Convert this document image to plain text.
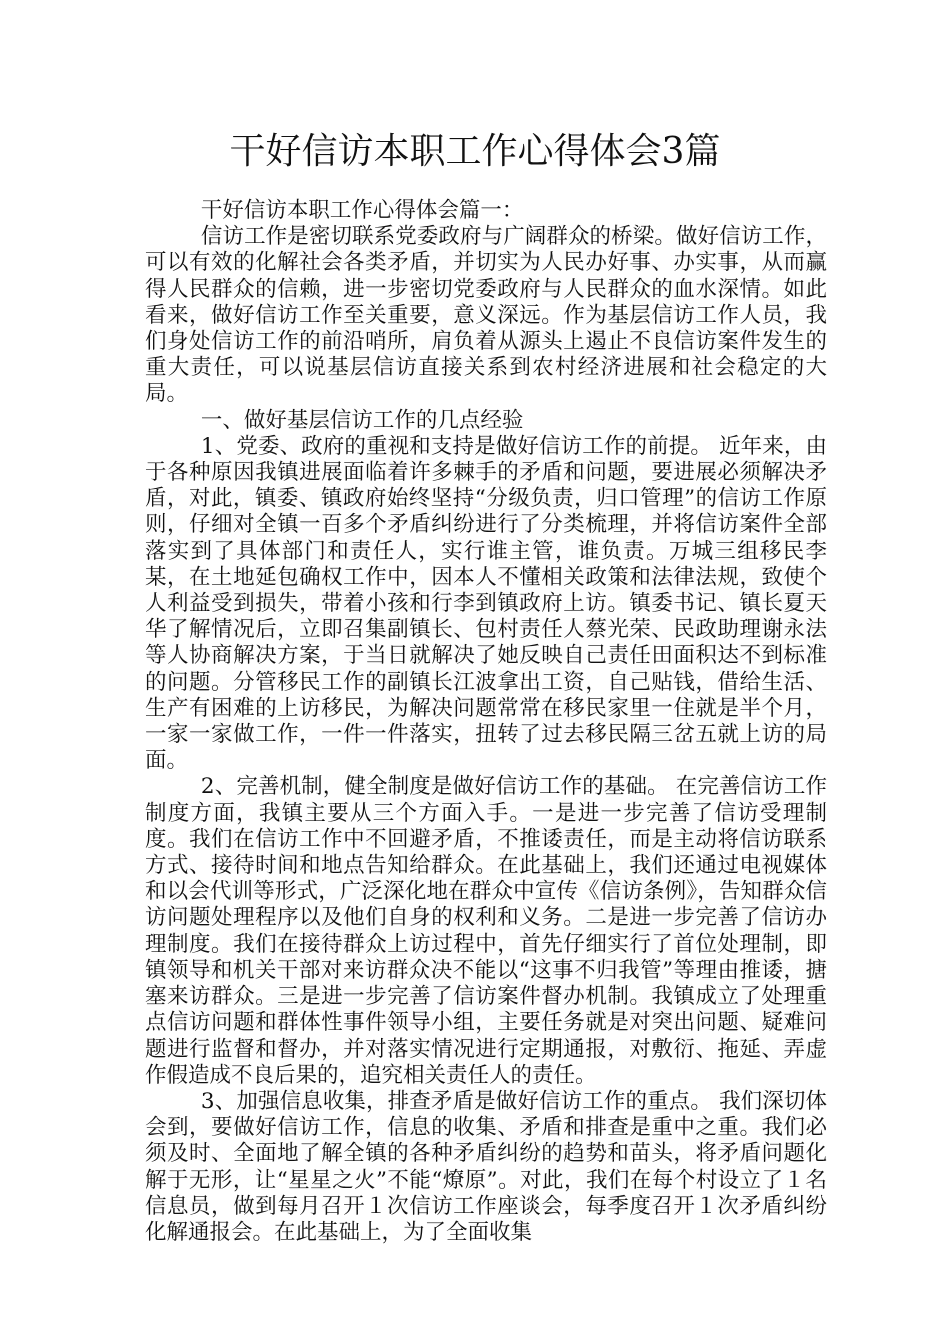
干好信访本职工作心得体会3篇

干好信访本职工作心得体会篇一：

信访工作是密切联系党委政府与广阔群众的桥梁。做好信访工作，可以有效的化解社会各类矛盾，并切实为人民办好事、办实事，从而赢得人民群众的信赖，进一步密切党委政府与人民群众的血水深情。如此看来，做好信访工作至关重要，意义深远。作为基层信访工作人员，我们身处信访工作的前沿哨所，肩负着从源头上遏止不良信访案件发生的重大责任，可以说基层信访直接关系到农村经济进展和社会稳定的大局。

一、做好基层信访工作的几点经验

1、党委、政府的重视和支持是做好信访工作的前提。 近年来，由于各种原因我镇进展面临着许多棘手的矛盾和问题，要进展必须解决矛盾，对此，镇委、镇政府始终坚持“分级负责，归口管理”的信访工作原则，仔细对全镇一百多个矛盾纠纷进行了分类梳理，并将信访案件全部落实到了具体部门和责任人，实行谁主管，谁负责。万城三组移民李某，在土地延包确权工作中，因本人不懂相关政策和法律法规，致使个人利益受到损失，带着小孩和行李到镇政府上访。镇委书记、镇长夏天华了解情况后，立即召集副镇长、包村责任人蔡光荣、民政助理谢永法等人协商解决方案，于当日就解决了她反映自己责任田面积达不到标准的问题。分管移民工作的副镇长江波拿出工资，自己贴钱，借给生活、生产有困难的上访移民，为解决问题常常在移民家里一住就是半个月，一家一家做工作，一件一件落实，扭转了过去移民隔三岔五就上访的局面。

2、完善机制，健全制度是做好信访工作的基础。 在完善信访工作制度方面，我镇主要从三个方面入手。一是进一步完善了信访受理制度。我们在信访工作中不回避矛盾，不推诿责任，而是主动将信访联系方式、接待时间和地点告知给群众。在此基础上，我们还通过电视媒体和以会代训等形式，广泛深化地在群众中宣传《信访条例》，告知群众信访问题处理程序以及他们自身的权利和义务。二是进一步完善了信访办理制度。我们在接待群众上访过程中，首先仔细实行了首位处理制，即镇领导和机关干部对来访群众决不能以“这事不归我管”等理由推诿，搪塞来访群众。三是进一步完善了信访案件督办机制。我镇成立了处理重点信访问题和群体性事件领导小组，主要任务就是对突出问题、疑难问题进行监督和督办，并对落实情况进行定期通报，对敷衍、拖延、弄虚作假造成不良后果的，追究相关责任人的责任。

3、加强信息收集，排查矛盾是做好信访工作的重点。 我们深切体会到，要做好信访工作，信息的收集、矛盾和排查是重中之重。我们必须及时、全面地了解全镇的各种矛盾纠纷的趋势和苗头，将矛盾问题化解于无形，让“星星之火”不能“燎原”。对此，我们在每个村设立了１名信息员，做到每月召开１次信访工作座谈会，每季度召开１次矛盾纠纷化解通报会。在此基础上，为了全面收集
